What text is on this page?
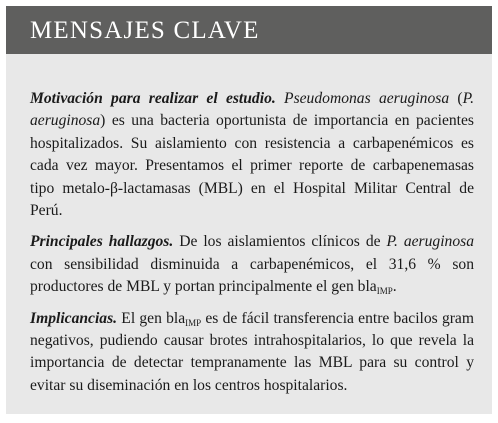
MENSAJES CLAVE

Motivación para realizar el estudio. Pseudomonas aeruginosa (P. aeruginosa) es una bacteria oportunista de importancia en pacientes hospitalizados. Su aislamiento con resistencia a carbapenémicos es cada vez mayor. Presentamos el primer reporte de carbapenemasas tipo metalo-β-lactamasas (MBL) en el Hospital Militar Central de Perú.

Principales hallazgos. De los aislamientos clínicos de P. aeruginosa con sensibilidad disminuida a carbapenémicos, el 31,6 % son productores de MBL y portan principalmente el gen bla$_{IMP}$.

Implicancias. El gen bla$_{IMP}$ es de fácil transferencia entre bacilos gram negativos, pudiendo causar brotes intrahospitalarios, lo que revela la importancia de detectar tempranamente las MBL para su control y evitar su diseminación en los centros hospitalarios.
